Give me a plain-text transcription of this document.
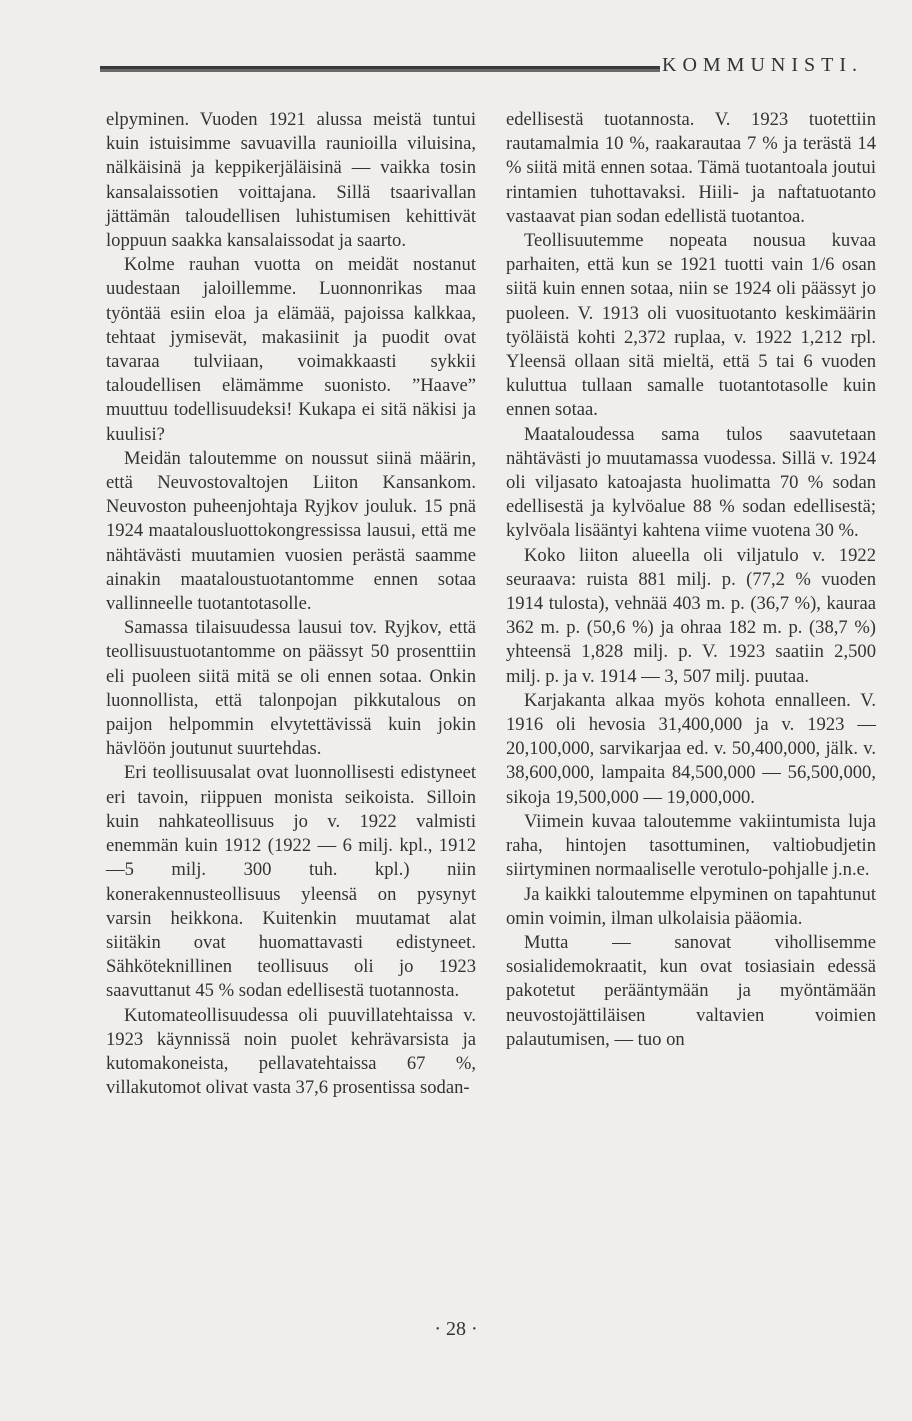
KOMMUNISTI.

elpyminen. Vuoden 1921 alussa meistä tuntui kuin istuisimme savuavilla raunioilla viluisina, nälkäisinä ja keppikerjäläisinä — vaikka tosin kansalaissotien voittajana. Sillä tsaarivallan jättämän taloudellisen luhistumisen kehittivät loppuun saakka kansalaissodat ja saarto.

Kolme rauhan vuotta on meidät nostanut uudestaan jaloillemme. Luonnonrikas maa työntää esiin eloa ja elämää, pajoissa kalkkaa, tehtaat jymisevät, makasiinit ja puodit ovat tavaraa tulviiaan, voimakkaasti sykkii taloudellisen elämämme suonisto. ”Haave” muuttuu todellisuudeksi! Kukapa ei sitä näkisi ja kuulisi?

Meidän taloutemme on noussut siinä määrin, että Neuvostovaltojen Liiton Kansankom. Neuvoston puheenjohtaja Ryjkov jouluk. 15 pnä 1924 maatalousluottokongressissa lausui, että me nähtävästi muutamien vuosien perästä saamme ainakin maataloustuotantomme ennen sotaa vallinneelle tuotantotasolle.

Samassa tilaisuudessa lausui tov. Ryjkov, että teollisuustuotantomme on päässyt 50 prosenttiin eli puoleen siitä mitä se oli ennen sotaa. Onkin luonnollista, että talonpojan pikkutalous on paijon helpommin elvytettävissä kuin jokin hävlöön joutunut suurtehdas.

Eri teollisuusalat ovat luonnollisesti edistyneet eri tavoin, riippuen monista seikoista. Silloin kuin nahkateollisuus jo v. 1922 valmisti enemmän kuin 1912 (1922 — 6 milj. kpl., 1912—5 milj. 300 tuh. kpl.) niin konerakennusteollisuus yleensä on pysynyt varsin heikkona. Kuitenkin muutamat alat siitäkin ovat huomattavasti edistyneet. Sähköteknillinen teollisuus oli jo 1923 saavuttanut 45 % sodan edellisestä tuotannosta.

Kutomateollisuudessa oli puuvillatehtaissa v. 1923 käynnissä noin puolet kehrävarsista ja kutomakoneista, pellavatehtaissa 67 %, villakutomot olivat vasta 37,6 prosentissa sodan-

edellisestä tuotannosta. V. 1923 tuotettiin rautamalmia 10 %, raakarautaa 7 % ja terästä 14 % siitä mitä ennen sotaa. Tämä tuotantoala joutui rintamien tuhottavaksi. Hiili- ja naftatuotanto vastaavat pian sodan edellistä tuotantoa.

Teollisuutemme nopeata nousua kuvaa parhaiten, että kun se 1921 tuotti vain 1/6 osan siitä kuin ennen sotaa, niin se 1924 oli päässyt jo puoleen. V. 1913 oli vuosituotanto keskimäärin työläistä kohti 2,372 ruplaa, v. 1922 1,212 rpl. Yleensä ollaan sitä mieltä, että 5 tai 6 vuoden kuluttua tullaan samalle tuotantotasolle kuin ennen sotaa.

Maataloudessa sama tulos saavutetaan nähtävästi jo muutamassa vuodessa. Sillä v. 1924 oli viljasato katoajasta huolimatta 70 % sodan edellisestä ja kylvöalue 88 % sodan edellisestä; kylvöala lisääntyi kahtena viime vuotena 30 %.

Koko liiton alueella oli viljatulo v. 1922 seuraava: ruista 881 milj. p. (77,2 % vuoden 1914 tulosta), vehnää 403 m. p. (36,7 %), kauraa 362 m. p. (50,6 %) ja ohraa 182 m. p. (38,7 %) yhteensä 1,828 milj. p. V. 1923 saatiin 2,500 milj. p. ja v. 1914 — 3, 507 milj. puutaa.

Karjakanta alkaa myös kohota ennalleen. V. 1916 oli hevosia 31,400,000 ja v. 1923 — 20,100,000, sarvikarjaa ed. v. 50,400,000, jälk. v. 38,600,000, lampaita 84,500,000 — 56,500,000, sikoja 19,500,000 — 19,000,000.

Viimein kuvaa taloutemme vakiintumista luja raha, hintojen tasottuminen, valtiobudjetin siirtyminen normaaliselle verotulo-pohjalle j.n.e.

Ja kaikki taloutemme elpyminen on tapahtunut omin voimin, ilman ulkolaisia pääomia.

Mutta — sanovat vihollisemme sosialidemokraatit, kun ovat tosiasiain edessä pakotetut perääntymään ja myöntämään neuvostojättiläisen valtavien voimien palautumisen, — tuo on

· 28 ·
